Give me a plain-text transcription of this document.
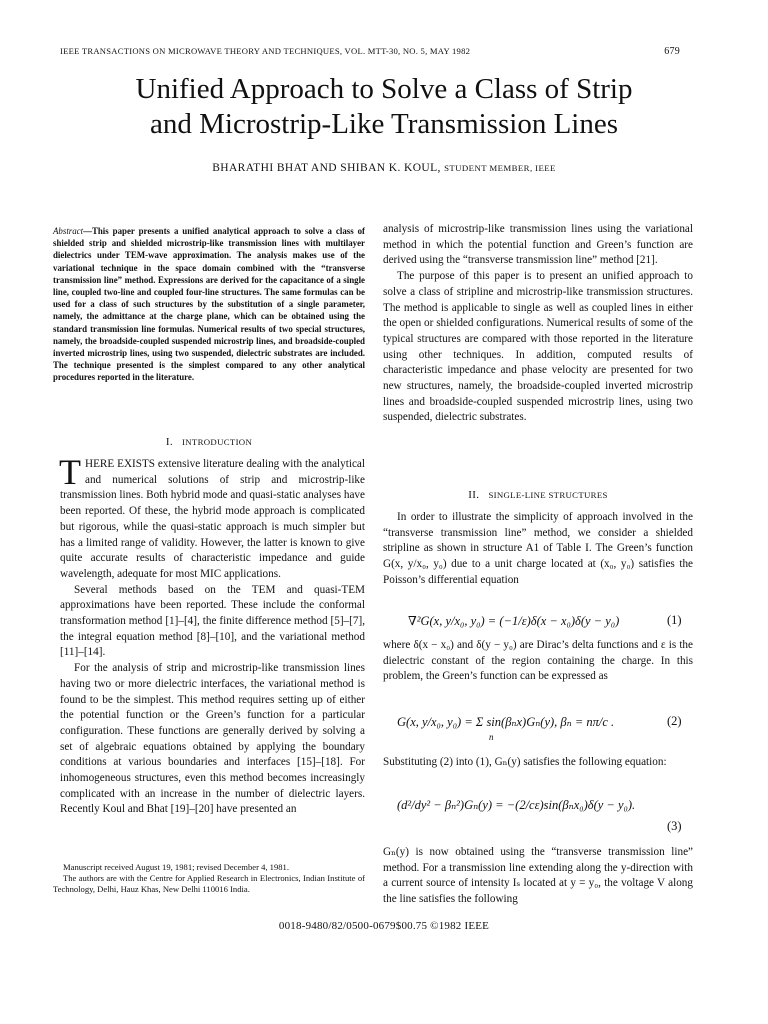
IEEE TRANSACTIONS ON MICROWAVE THEORY AND TECHNIQUES, VOL. MTT-30, NO. 5, MAY 1982	679
Unified Approach to Solve a Class of Strip
and Microstrip-Like Transmission Lines
BHARATHI BHAT AND SHIBAN K. KOUL, STUDENT MEMBER, IEEE
Abstract—This paper presents a unified analytical approach to solve a class of shielded strip and shielded microstrip-like transmission lines with multilayer dielectrics under TEM-wave approximation. The analysis makes use of the variational technique in the space domain combined with the “transverse transmission line” method. Expressions are derived for the capacitance of a single line, coupled two-line and coupled four-line structures. The same formulas can be used for a class of such structures by the substitution of a single parameter, namely, the admittance at the charge plane, which can be obtained using the standard transmission line formulas. Numerical results of two special structures, namely, the broadside-coupled suspended microstrip lines, and broadside-coupled inverted microstrip lines, using two suspended, dielectric substrates are included. The technique presented is the simplest compared to any other analytical procedures reported in the literature.
I. INTRODUCTION

THERE EXISTS extensive literature dealing with the analytical and numerical solutions of strip and microstrip-like transmission lines. Both hybrid mode and quasi-static analyses have been reported. Of these, the hybrid mode approach is complicated but rigorous, while the quasi-static approach is much simpler but has a limited range of validity. However, the latter is known to give quite accurate results of characteristic impedance and guide wavelength, adequate for most MIC applications.

Several methods based on the TEM and quasi-TEM approximations have been reported. These include the conformal transformation method [1]–[4], the finite difference method [5]–[7], the integral equation method [8]–[10], and the variational method [11]–[14].

For the analysis of strip and microstrip-like transmission lines having two or more dielectric interfaces, the variational method is found to be the simplest. This method requires setting up of either the potential function or the Green’s function for a particular configuration. These functions are generally derived by solving a set of algebraic equations obtained by applying the boundary conditions at various boundaries and interfaces [15]–[18]. For inhomogeneous structures, even this method becomes increasingly complicated with an increase in the number of dielectric layers. Recently Koul and Bhat [19]–[20] have presented an

Manuscript received August 19, 1981; revised December 4, 1981.

The authors are with the Centre for Applied Research in Electronics, Indian Institute of Technology, Delhi, Hauz Khas, New Delhi 110016 India.

analysis of microstrip-like transmission lines using the variational method in which the potential function and Green’s function are derived using the “transverse transmission line” method [21].

The purpose of this paper is to present an unified approach to solve a class of stripline and microstrip-like transmission structures. The method is applicable to single as well as coupled lines in either the open or shielded configurations. Numerical results of some of the typical structures are compared with those reported in the literature using other techniques. In addition, computed results of characteristic impedance and phase velocity are presented for two new structures, namely, the broadside-coupled inverted microstrip lines and broadside-coupled suspended microstrip lines, using two suspended, dielectric substrates.

II. SINGLE-LINE STRUCTURES

In order to illustrate the simplicity of approach involved in the “transverse transmission line” method, we consider a shielded stripline as shown in structure A1 of Table I. The Green’s function G(x, y/x₀, y₀) due to a unit charge located at (x₀, y₀) satisfies the Poisson’s differential equation

∇²G(x, y/x₀, y₀) = (−1/ε)δ(x − x₀)δ(y − y₀)	(1)

where δ(x − x₀) and δ(y − y₀) are Dirac’s delta functions and ε is the dielectric constant of the region containing the charge. In this problem, the Green’s function can be expressed as

G(x, y/x₀, y₀) = Σ sin(βₙx)Gₙ(y), βₙ = nπ/c .
n
(2)

Substituting (2) into (1), Gₙ(y) satisfies the following equation:

(d²/dy² − βₙ²)Gₙ(y) = −(2/cε)sin(βₙx₀)δ(y − y₀).
(3)

Gₙ(y) is now obtained using the “transverse transmission line” method. For a transmission line extending along the y-direction with a current source of intensity Iₛ located at y = y₀, the voltage V along the line satisfies the following

0018-9480/82/0500-0679$00.75 ©1982 IEEE
